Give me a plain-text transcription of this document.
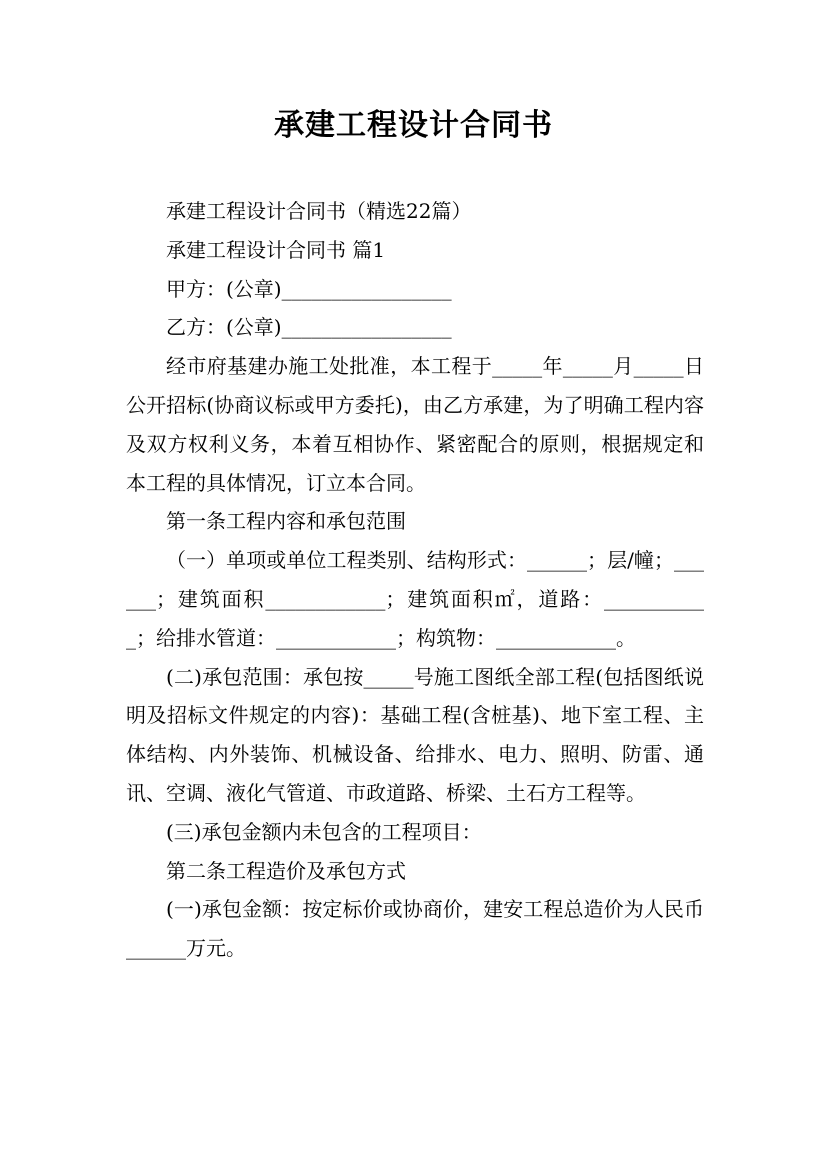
承建工程设计合同书

承建工程设计合同书（精选22篇）

承建工程设计合同书 篇1

甲方：(公章)_________________

乙方：(公章)_________________

经市府基建办施工处批准，本工程于_____年_____月_____日公开招标(协商议标或甲方委托)，由乙方承建，为了明确工程内容及双方权利义务，本着互相协作、紧密配合的原则，根据规定和本工程的具体情况，订立本合同。

第一条工程内容和承包范围

（一）单项或单位工程类别、结构形式：______；层/幢；______；建筑面积____________；建筑面积㎡，道路：___________；给排水管道：____________；构筑物：____________。

(二)承包范围：承包按_____号施工图纸全部工程(包括图纸说明及招标文件规定的内容)：基础工程(含桩基)、地下室工程、主体结构、内外装饰、机械设备、给排水、电力、照明、防雷、通讯、空调、液化气管道、市政道路、桥梁、土石方工程等。

(三)承包金额内未包含的工程项目：

第二条工程造价及承包方式

(一)承包金额：按定标价或协商价，建安工程总造价为人民币______万元。
